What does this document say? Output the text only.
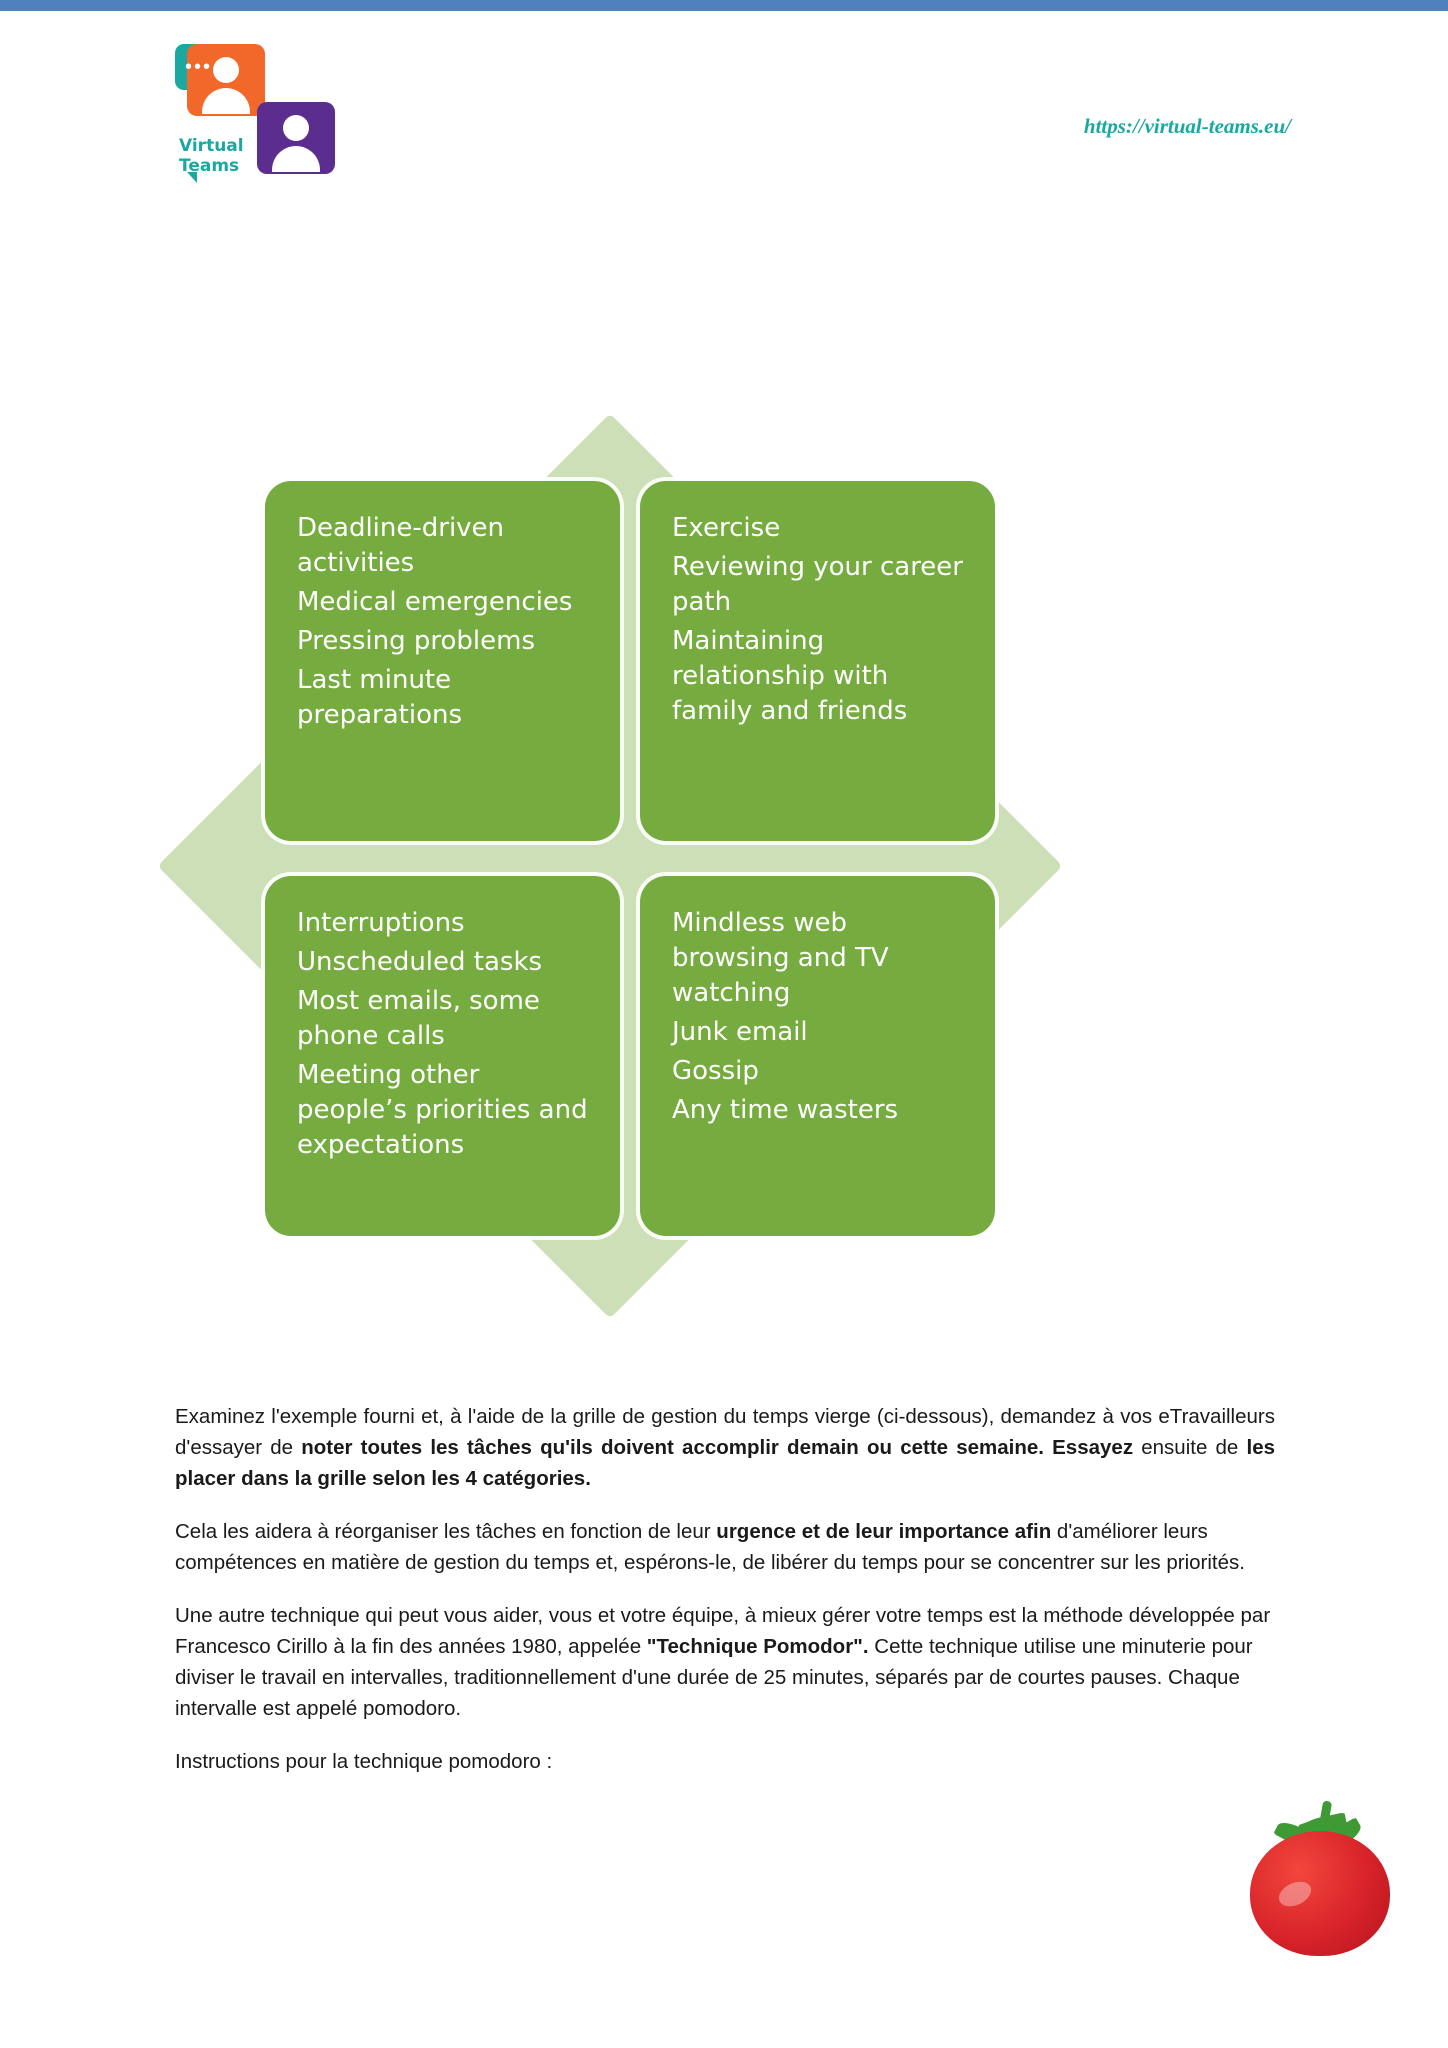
•••
Virtual
Teams
https://virtual-teams.eu/

Deadline-driven activities

Medical emergencies

Pressing problems

Last minute preparations

Exercise

Reviewing your career path

Maintaining relationship with family and friends

Interruptions

Unscheduled tasks

Most emails, some phone calls

Meeting other people’s priorities and expectations

Mindless web browsing and TV watching

Junk email

Gossip

Any time wasters

Examinez l'exemple fourni et, à l'aide de la grille de gestion du temps vierge (ci-dessous), demandez à vos eTravailleurs d'essayer de noter toutes les tâches qu'ils doivent accomplir demain ou cette semaine. Essayez ensuite de les placer dans la grille selon les 4 catégories.

Cela les aidera à réorganiser les tâches en fonction de leur urgence et de leur importance afin d'améliorer leurs compétences en matière de gestion du temps et, espérons-le, de libérer du temps pour se concentrer sur les priorités.

Une autre technique qui peut vous aider, vous et votre équipe, à mieux gérer votre temps est la méthode développée par Francesco Cirillo à la fin des années 1980, appelée "Technique Pomodor". Cette technique utilise une minuterie pour diviser le travail en intervalles, traditionnellement d'une durée de 25 minutes, séparés par de courtes pauses. Chaque intervalle est appelé pomodoro.

Instructions pour la technique pomodoro :
